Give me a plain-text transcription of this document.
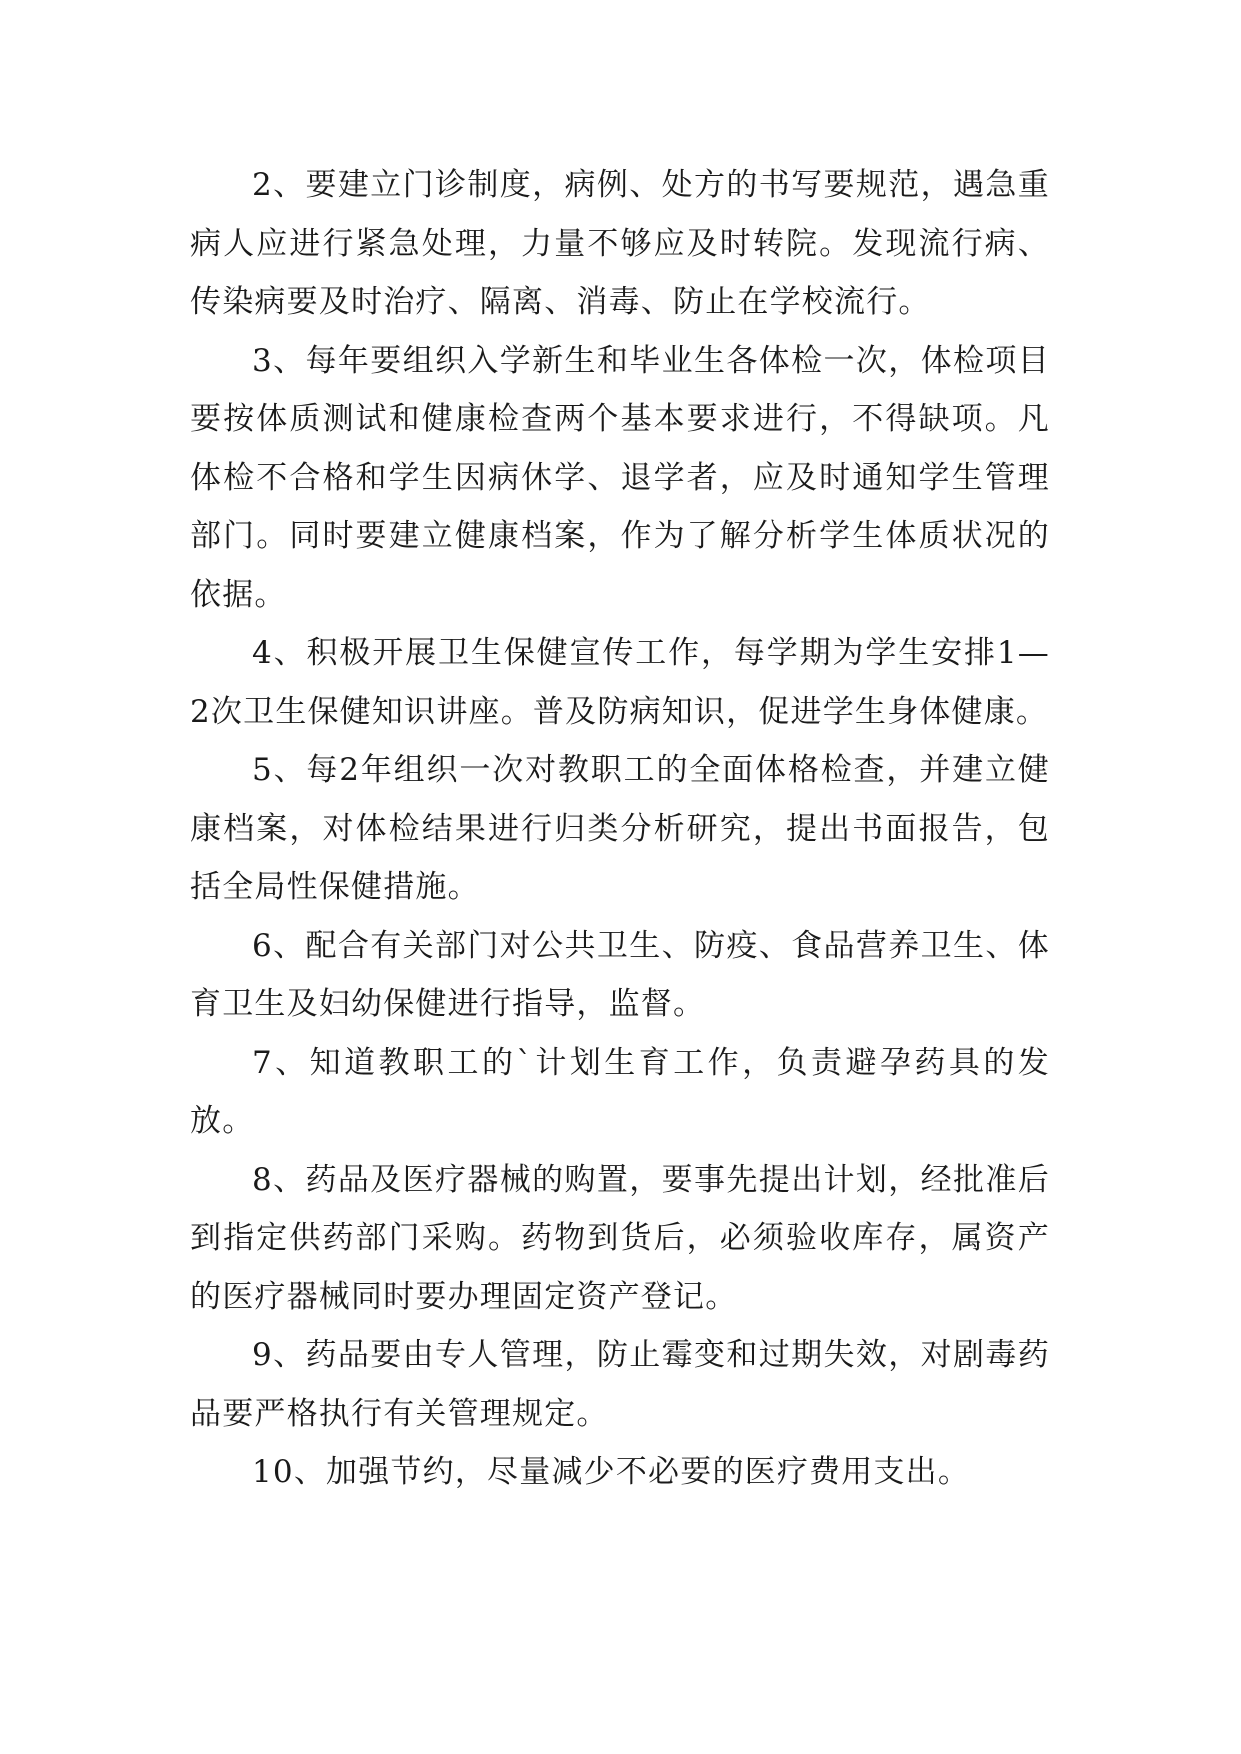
2、要建立门诊制度，病例、处方的书写要规范，遇急重病人应进行紧急处理，力量不够应及时转院。发现流行病、传染病要及时治疗、隔离、消毒、防止在学校流行。

3、每年要组织入学新生和毕业生各体检一次，体检项目要按体质测试和健康检查两个基本要求进行，不得缺项。凡体检不合格和学生因病休学、退学者，应及时通知学生管理部门。同时要建立健康档案，作为了解分析学生体质状况的依据。

4、积极开展卫生保健宣传工作，每学期为学生安排1—2次卫生保健知识讲座。普及防病知识，促进学生身体健康。

5、每2年组织一次对教职工的全面体格检查，并建立健康档案，对体检结果进行归类分析研究，提出书面报告，包括全局性保健措施。

6、配合有关部门对公共卫生、防疫、食品营养卫生、体育卫生及妇幼保健进行指导，监督。

7、知道教职工的`计划生育工作，负责避孕药具的发放。

8、药品及医疗器械的购置，要事先提出计划，经批准后到指定供药部门采购。药物到货后，必须验收库存，属资产的医疗器械同时要办理固定资产登记。

9、药品要由专人管理，防止霉变和过期失效，对剧毒药品要严格执行有关管理规定。

10、加强节约，尽量减少不必要的医疗费用支出。
